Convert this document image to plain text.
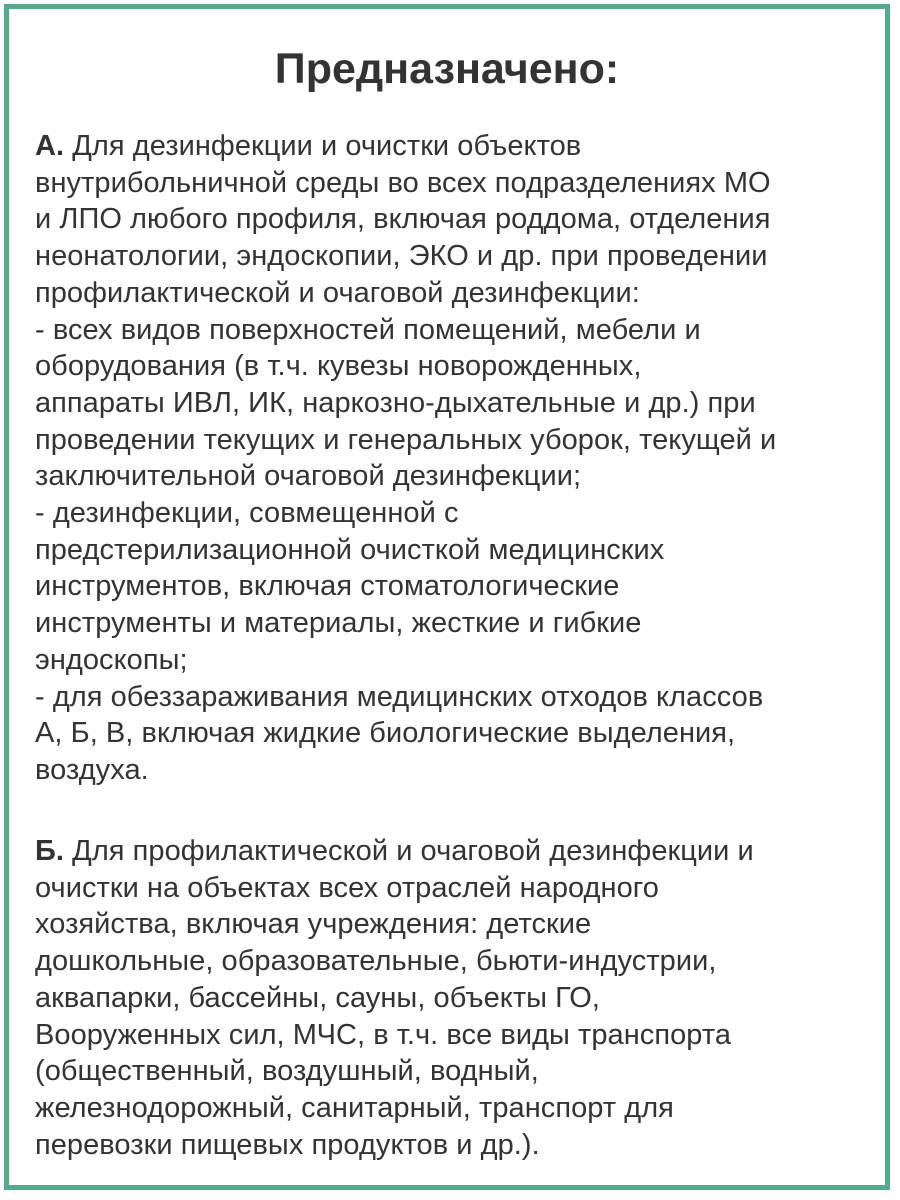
Предназначено:
А. Для дезинфекции и очистки объектов
внутрибольничной среды во всех подразделениях МО
и ЛПО любого профиля, включая роддома, отделения
неонатологии, эндоскопии, ЭКО и др. при проведении
профилактической и очаговой дезинфекции:
- всех видов поверхностей помещений, мебели и
оборудования (в т.ч. кувезы новорожденных,
аппараты ИВЛ, ИК, наркозно-дыхательные и др.) при
проведении текущих и генеральных уборок, текущей и
заключительной очаговой дезинфекции;
- дезинфекции, совмещенной с
предстерилизационной очисткой медицинских
инструментов, включая стоматологические
инструменты и материалы, жесткие и гибкие
эндоскопы;
- для обеззараживания медицинских отходов классов
А, Б, В, включая жидкие биологические выделения,
воздуха.
Б. Для профилактической и очаговой дезинфекции и
очистки на объектах всех отраслей народного
хозяйства, включая учреждения: детские
дошкольные, образовательные, бьюти-индустрии,
аквапарки, бассейны, сауны, объекты ГО,
Вооруженных сил, МЧС, в т.ч. все виды транспорта
(общественный, воздушный, водный,
железнодорожный, санитарный, транспорт для
перевозки пищевых продуктов и др.).
